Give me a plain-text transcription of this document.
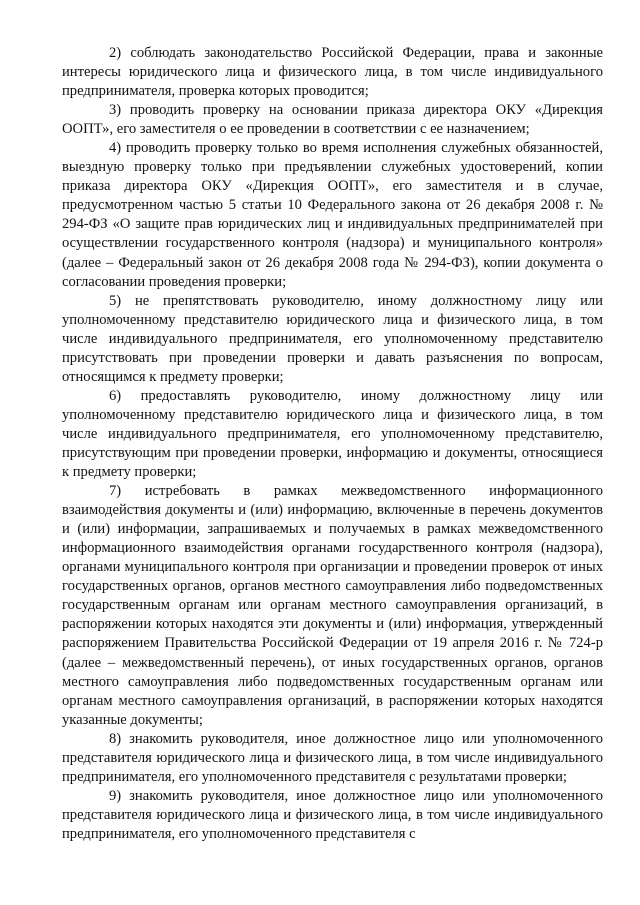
2) соблюдать законодательство Российской Федерации, права и законные интересы юридического лица и физического лица, в том числе индивидуального предпринимателя, проверка которых проводится;

3) проводить проверку на основании приказа директора ОКУ «Дирекция ООПТ», его заместителя о ее проведении в соответствии с ее назначением;

4) проводить проверку только во время исполнения служебных обязанностей, выездную проверку только при предъявлении служебных удостоверений, копии приказа директора ОКУ «Дирекция ООПТ», его заместителя и в случае, предусмотренном частью 5 статьи 10 Федерального закона от 26 декабря 2008 г. № 294-ФЗ «О защите прав юридических лиц и индивидуальных предпринимателей при осуществлении государственного контроля (надзора) и муниципального контроля» (далее – Федеральный закон от 26 декабря 2008 года № 294-ФЗ), копии документа о согласовании проведения проверки;

5) не препятствовать руководителю, иному должностному лицу или уполномоченному представителю юридического лица и физического лица, в том числе индивидуального предпринимателя, его уполномоченному представителю присутствовать при проведении проверки и давать разъяснения по вопросам, относящимся к предмету проверки;

6) предоставлять руководителю, иному должностному лицу или уполномоченному представителю юридического лица и физического лица, в том числе индивидуального предпринимателя, его уполномоченному представителю, присутствующим при проведении проверки, информацию и документы, относящиеся к предмету проверки;

7) истребовать в рамках межведомственного информационного взаимодействия документы и (или) информацию, включенные в перечень документов и (или) информации, запрашиваемых и получаемых в рамках межведомственного информационного взаимодействия органами государственного контроля (надзора), органами муниципального контроля при организации и проведении проверок от иных государственных органов, органов местного самоуправления либо подведомственных государственным органам или органам местного самоуправления организаций, в распоряжении которых находятся эти документы и (или) информация, утвержденный распоряжением Правительства Российской Федерации от 19 апреля 2016 г. № 724-р (далее – межведомственный перечень), от иных государственных органов, органов местного самоуправления либо подведомственных государственным органам или органам местного самоуправления организаций, в распоряжении которых находятся указанные документы;

8) знакомить руководителя, иное должностное лицо или уполномоченного представителя юридического лица и физического лица, в том числе индивидуального предпринимателя, его уполномоченного представителя с результатами проверки;

9) знакомить руководителя, иное должностное лицо или уполномоченного представителя юридического лица и физического лица, в том числе индивидуального предпринимателя, его уполномоченного представителя с
